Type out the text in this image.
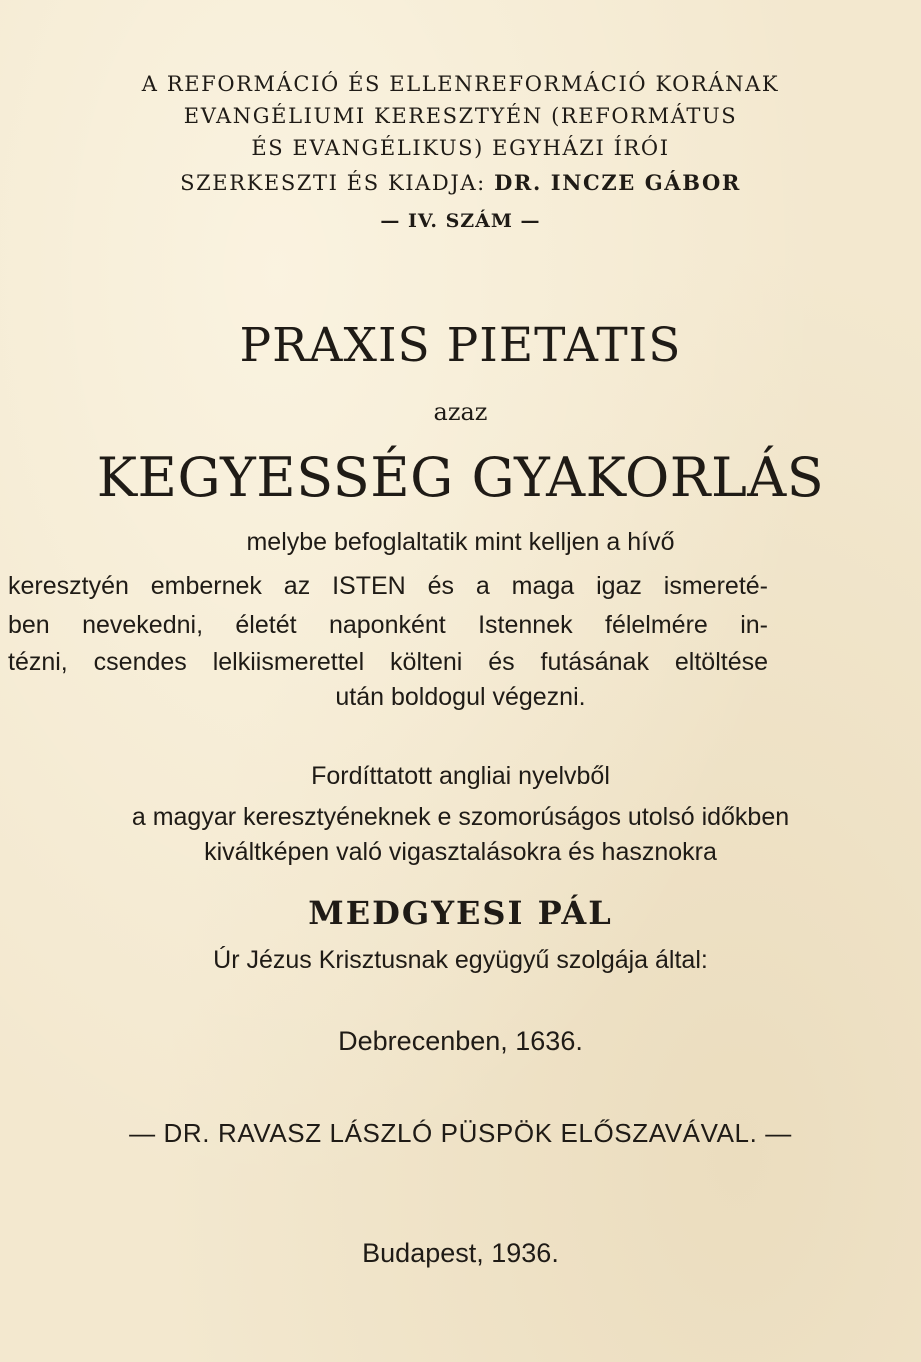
A REFORMÁCIÓ ÉS ELLENREFORMÁCIÓ KORÁNAK

EVANGÉLIUMI KERESZTYÉN (REFORMÁTUS

ÉS EVANGÉLIKUS) EGYHÁZI ÍRÓI

SZERKESZTI ÉS KIADJA: DR. INCZE GÁBOR

— IV. SZÁM —

PRAXIS PIETATIS

azaz

KEGYESSÉG GYAKORLÁS

melybe befoglaltatik mint kelljen a hívő

keresztyén embernek az ISTEN és a maga igaz ismereté-

ben nevekedni, életét naponként Istennek félelmére in-

tézni, csendes lelkiismerettel költeni és futásának eltöltése

után boldogul végezni.

Fordíttatott angliai nyelvből

a magyar keresztyéneknek e szomorúságos utolsó időkben

kiváltképen való vigasztalásokra és hasznokra

MEDGYESI PÁL

Úr Jézus Krisztusnak együgyű szolgája által:

Debrecenben, 1636.

— DR. RAVASZ LÁSZLÓ PÜSPÖK ELŐSZAVÁVAL. —

Budapest, 1936.
